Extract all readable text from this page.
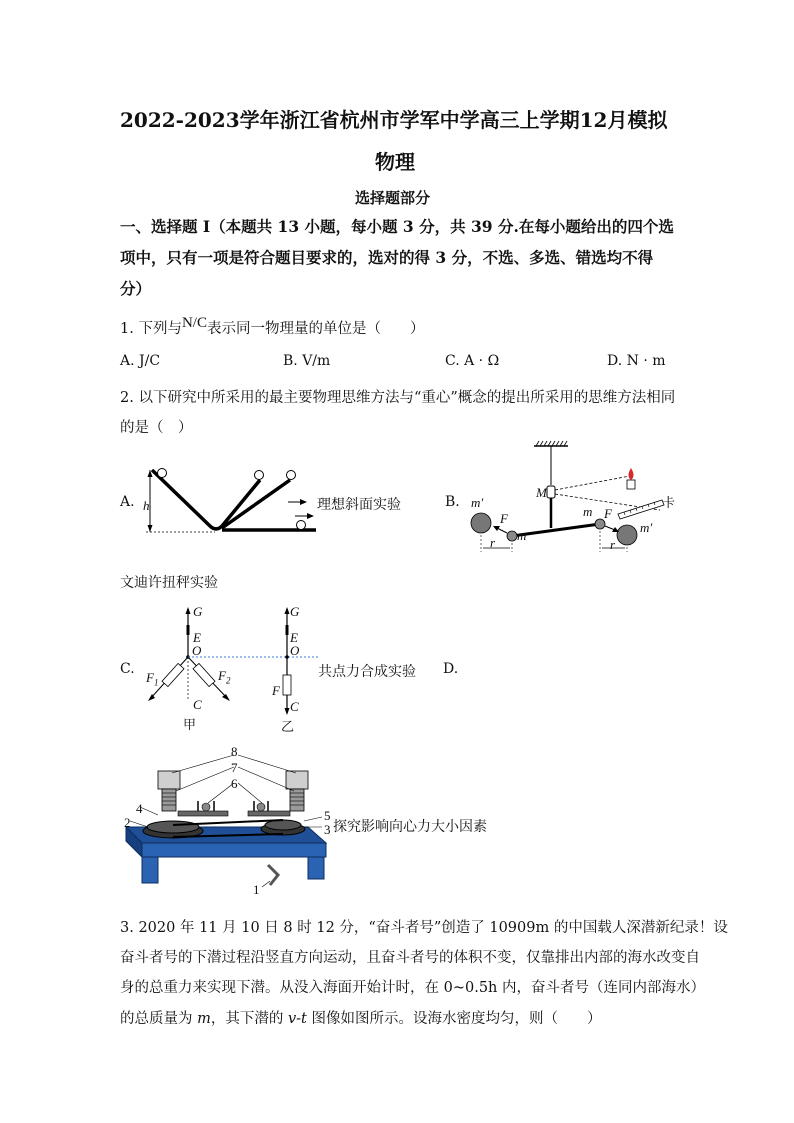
2022-2023学年浙江省杭州市学军中学高三上学期12月模拟
物理
选择题部分
一、选择题 I（本题共 13 小题，每小题 3 分，共 39 分.在每小题给出的四个选
项中，只有一项是符合题目要求的，选对的得 3 分，不选、多选、错选均不得
分）
1. 下列与N/C表示同一物理量的单位是（　　）
A. J/C	B. V/m	C. A · Ω	D. N · m
2. 以下研究中所采用的最主要物理思维方法与“重心”概念的提出所采用的思维方法相同
的是（　）
A. h	理想斜面实验	B. m′
M
F
m
m F
m′
r	r
卡
文迪许扭秤实验
C.
G
E
O
$F_1$	$F_2$
C
甲
G
E
O
F
C
乙
共点力合成实验 D.
8
7
6
4
2	5
3
1
探究影响向心力大小因素
3. 2020 年 11 月 10 日 8 时 12 分，“奋斗者号”创造了 10909m 的中国载人深潜新纪录！设
奋斗者号的下潜过程沿竖直方向运动，且奋斗者号的体积不变，仅靠排出内部的海水改变自
身的总重力来实现下潜。从没入海面开始计时，在 0~0.5h 内，奋斗者号（连同内部海水）
的总质量为 m，其下潜的 v-t 图像如图所示。设海水密度均匀，则（　　）
